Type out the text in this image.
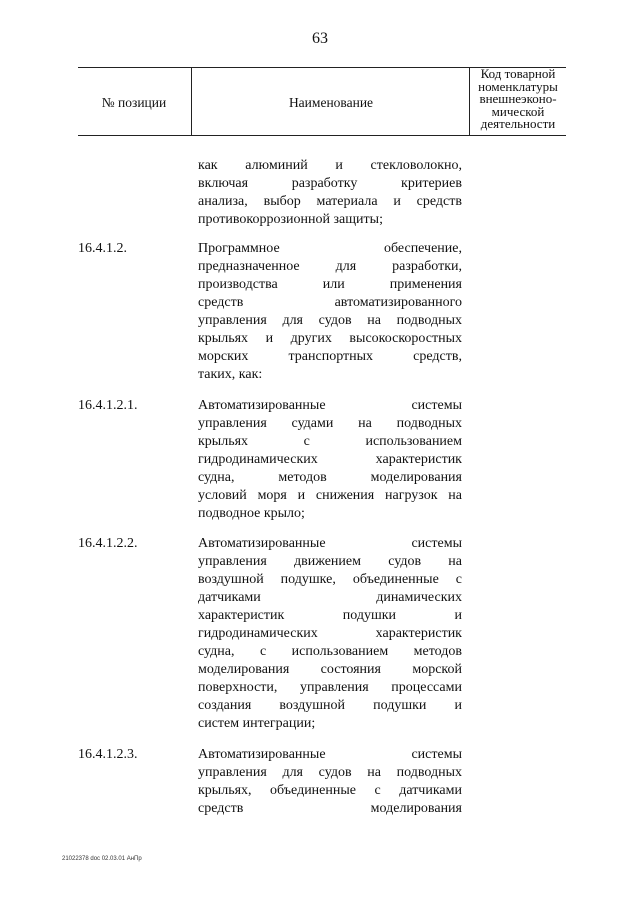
63
№ позиции	Наименование
Код товарной
номенклатуры
внешнеэконо-
мической
деятельности
как алюминий и стекловолокно,
включая разработку критериев
анализа, выбор материала и средств
противокоррозионной защиты;
16.4.1.2.	Программное обеспечение,
предназначенное для разработки,
производства или применения
средств автоматизированного
управления для судов на подводных
крыльях и других высокоскоростных
морских транспортных средств,
таких, как:
16.4.1.2.1.	Автоматизированные системы
управления судами на подводных
крыльях с использованием
гидродинамических характеристик
судна, методов моделирования
условий моря и снижения нагрузок на
подводное крыло;
16.4.1.2.2.	Автоматизированные системы
управления движением судов на
воздушной подушке, объединенные с
датчиками динамических
характеристик подушки и
гидродинамических характеристик
судна, с использованием методов
моделирования состояния морской
поверхности, управления процессами
создания воздушной подушки и
систем интеграции;
16.4.1.2.3.	Автоматизированные системы
управления для судов на подводных
крыльях, объединенные с датчиками
средств моделирования
21022378 doc 02.03.01 АнПр
